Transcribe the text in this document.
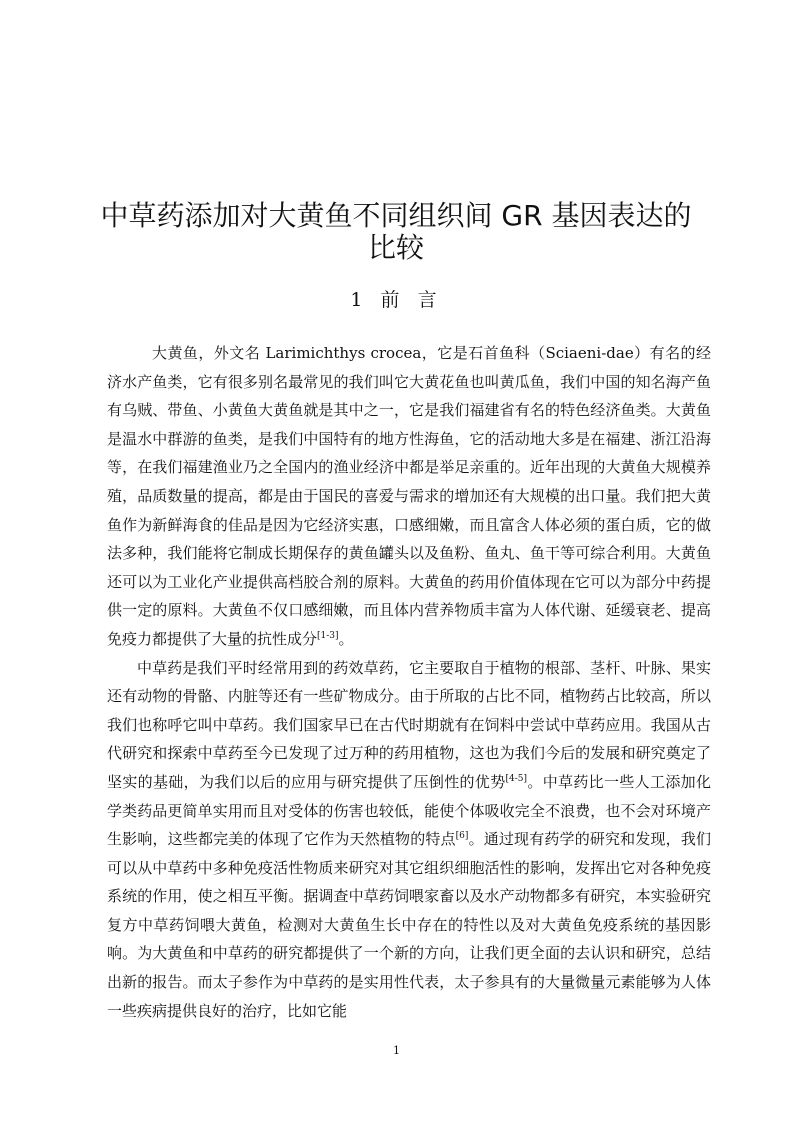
中草药添加对大黄鱼不同组织间 GR 基因表达的比较
1 前 言

大黄鱼，外文名 Larimichthys crocea，它是石首鱼科（Sciaeni-dae）有名的经济水产鱼类，它有很多别名最常见的我们叫它大黄花鱼也叫黄瓜鱼，我们中国的知名海产鱼有乌贼、带鱼、小黄鱼大黄鱼就是其中之一，它是我们福建省有名的特色经济鱼类。大黄鱼是温水中群游的鱼类，是我们中国特有的地方性海鱼，它的活动地大多是在福建、浙江沿海等，在我们福建渔业乃之全国内的渔业经济中都是举足亲重的。近年出现的大黄鱼大规模养殖，品质数量的提高，都是由于国民的喜爱与需求的增加还有大规模的出口量。我们把大黄鱼作为新鲜海食的佳品是因为它经济实惠，口感细嫩，而且富含人体必须的蛋白质，它的做法多种，我们能将它制成长期保存的黄鱼罐头以及鱼粉、鱼丸、鱼干等可综合利用。大黄鱼还可以为工业化产业提供高档胶合剂的原料。大黄鱼的药用价值体现在它可以为部分中药提供一定的原料。大黄鱼不仅口感细嫩，而且体内营养物质丰富为人体代谢、延缓衰老、提高免疫力都提供了大量的抗性成分[1-3]。

中草药是我们平时经常用到的药效草药，它主要取自于植物的根部、茎杆、叶脉、果实还有动物的骨骼、内脏等还有一些矿物成分。由于所取的占比不同，植物药占比较高，所以我们也称呼它叫中草药。我们国家早已在古代时期就有在饲料中尝试中草药应用。我国从古代研究和探索中草药至今已发现了过万种的药用植物，这也为我们今后的发展和研究奠定了坚实的基础，为我们以后的应用与研究提供了压倒性的优势[4-5]。中草药比一些人工添加化学类药品更简单实用而且对受体的伤害也较低，能使个体吸收完全不浪费，也不会对环境产生影响，这些都完美的体现了它作为天然植物的特点[6]。通过现有药学的研究和发现，我们可以从中草药中多种免疫活性物质来研究对其它组织细胞活性的影响，发挥出它对各种免疫系统的作用，使之相互平衡。据调查中草药饲喂家畜以及水产动物都多有研究，本实验研究复方中草药饲喂大黄鱼，检测对大黄鱼生长中存在的特性以及对大黄鱼免疫系统的基因影响。为大黄鱼和中草药的研究都提供了一个新的方向，让我们更全面的去认识和研究，总结出新的报告。而太子参作为中草药的是实用性代表，太子参具有的大量微量元素能够为人体一些疾病提供良好的治疗，比如它能

1
